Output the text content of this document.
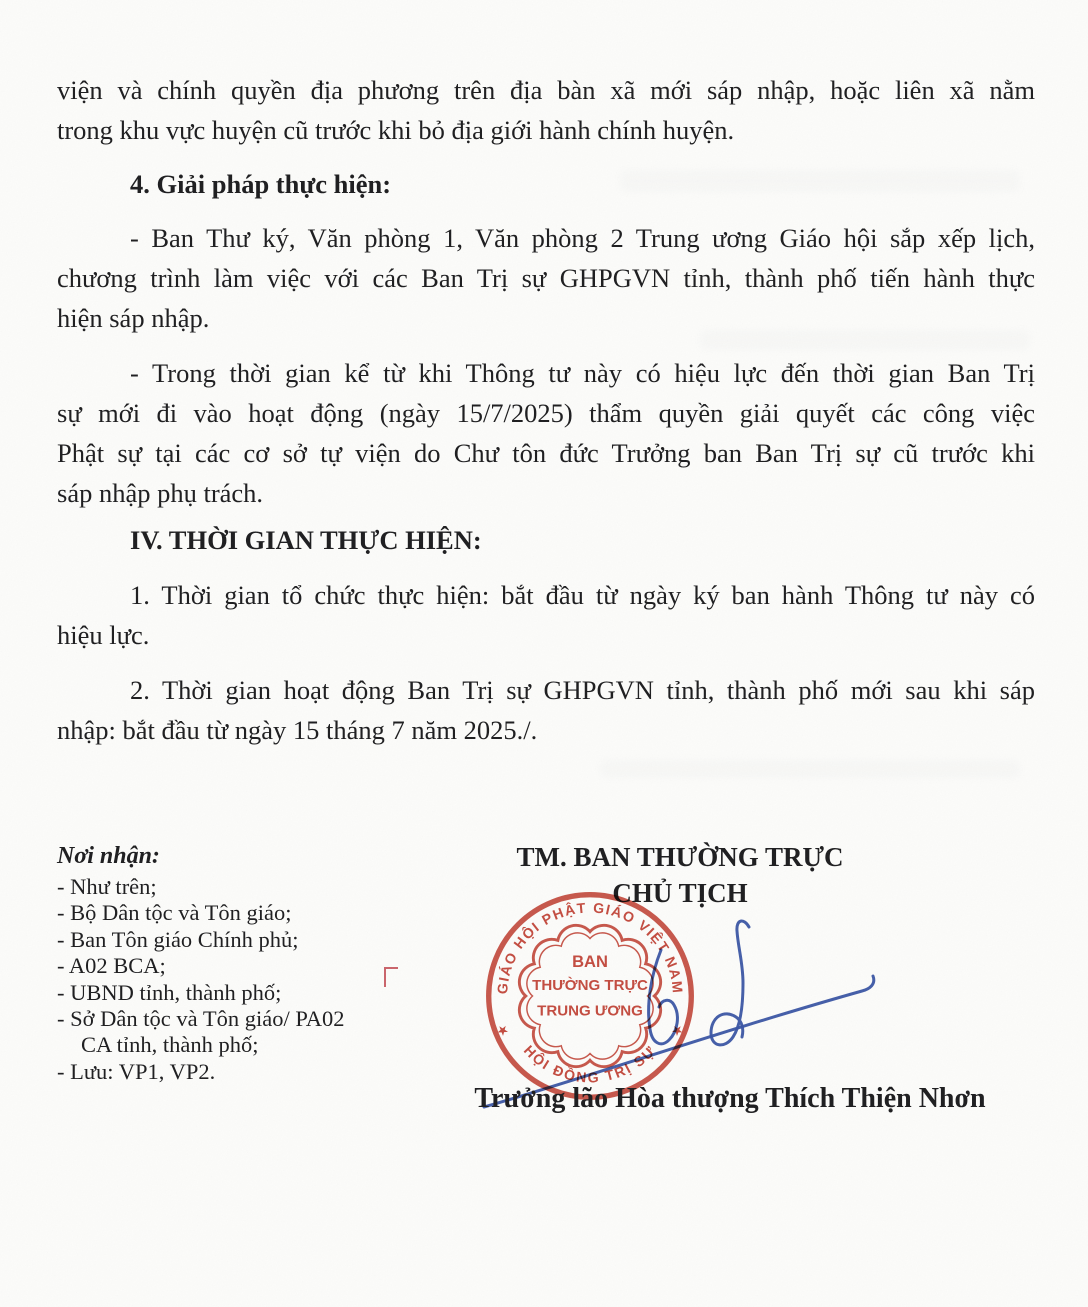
viện và chính quyền địa phương trên địa bàn xã mới sáp nhập, hoặc liên xã nằm
trong khu vực huyện cũ trước khi bỏ địa giới hành chính huyện.
4. Giải pháp thực hiện:
- Ban Thư ký, Văn phòng 1, Văn phòng 2 Trung ương Giáo hội sắp xếp lịch,
chương trình làm việc với các Ban Trị sự GHPGVN tỉnh, thành phố tiến hành thực
hiện sáp nhập.
- Trong thời gian kể từ khi Thông tư này có hiệu lực đến thời gian Ban Trị
sự mới đi vào hoạt động (ngày 15/7/2025) thẩm quyền giải quyết các công việc
Phật sự tại các cơ sở tự viện do Chư tôn đức Trưởng ban Ban Trị sự cũ trước khi
sáp nhập phụ trách.
IV. THỜI GIAN THỰC HIỆN:
1. Thời gian tổ chức thực hiện: bắt đầu từ ngày ký ban hành Thông tư này có
hiệu lực.
2. Thời gian hoạt động Ban Trị sự GHPGVN tỉnh, thành phố mới sau khi sáp
nhập: bắt đầu từ ngày 15 tháng 7 năm 2025./.
Nơi nhận:
- Như trên;
- Bộ Dân tộc và Tôn giáo;
- Ban Tôn giáo Chính phủ;
- A02 BCA;
- UBND tỉnh, thành phố;
- Sở Dân tộc và Tôn giáo/ PA02
CA tỉnh, thành phố;
- Lưu: VP1, VP2.
TM. BAN THƯỜNG TRỰC
CHỦ TỊCH
GIÁO HỘI PHẬT GIÁO VIỆT NAM
HỘI ĐỒNG TRỊ SỰ
BAN
THƯỜNG TRỰC
TRUNG ƯƠNG
★	★
Trưởng lão Hòa thượng Thích Thiện Nhơn
